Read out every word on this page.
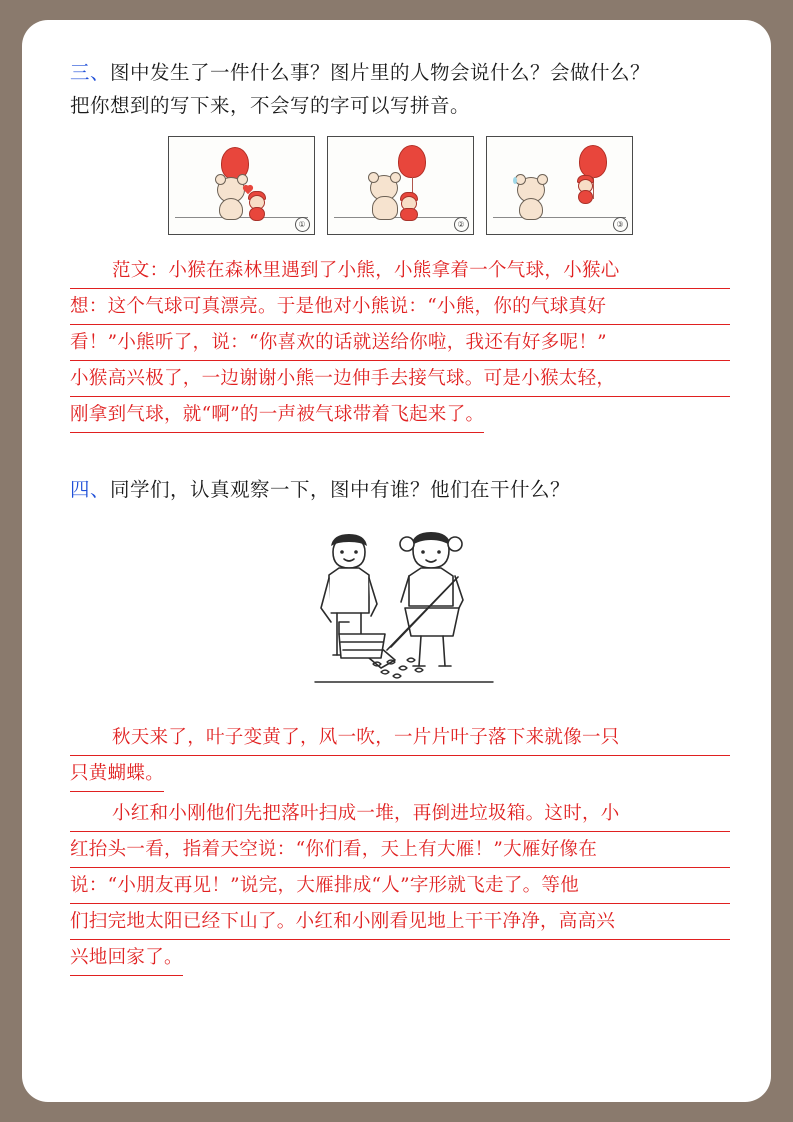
三、图中发生了一件什么事？图片里的人物会说什么？会做什么？
把你想到的写下来，不会写的字可以写拼音。
①	②	③
范文：小猴在森林里遇到了小熊，小熊拿着一个气球，小猴心
想：这个气球可真漂亮。于是他对小熊说：“小熊，你的气球真好
看！”小熊听了，说：“你喜欢的话就送给你啦，我还有好多呢！”
小猴高兴极了，一边谢谢小熊一边伸手去接气球。可是小猴太轻，
刚拿到气球，就“啊”的一声被气球带着飞起来了。
四、同学们，认真观察一下，图中有谁？他们在干什么？
秋天来了，叶子变黄了，风一吹，一片片叶子落下来就像一只
只黄蝴蝶。
小红和小刚他们先把落叶扫成一堆，再倒进垃圾箱。这时，小
红抬头一看，指着天空说：“你们看，天上有大雁！”大雁好像在
说：“小朋友再见！”说完，大雁排成“人”字形就飞走了。等他
们扫完地太阳已经下山了。小红和小刚看见地上干干净净，高高兴
兴地回家了。
